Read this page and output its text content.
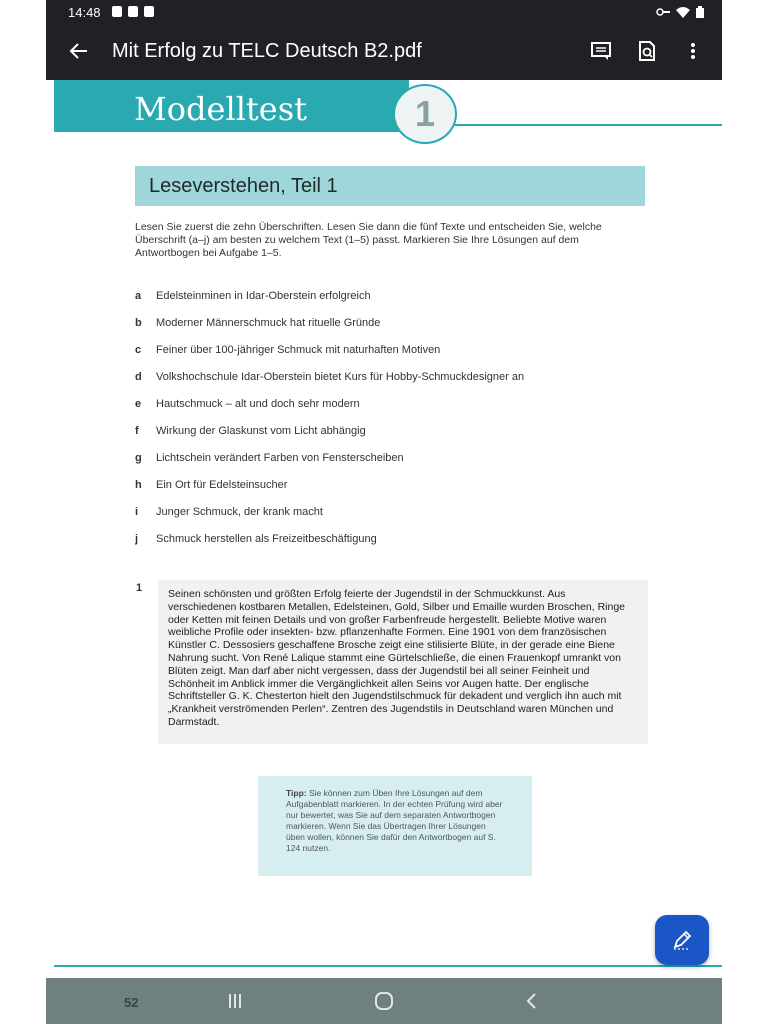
14:48
Mit Erfolg zu TELC Deutsch B2.pdf
Modelltest	1
Leseverstehen, Teil 1
Lesen Sie zuerst die zehn Überschriften. Lesen Sie dann die fünf Texte und entscheiden Sie, welche Überschrift (a–j) am besten zu welchem Text (1–5) passt. Markieren Sie Ihre Lösungen auf dem Antwortbogen bei Aufgabe 1–5.
a	Edelsteinminen in Idar-Oberstein erfolgreich
b	Moderner Männerschmuck hat rituelle Gründe
c	Feiner über 100-jähriger Schmuck mit naturhaften Motiven
d	Volkshochschule Idar-Oberstein bietet Kurs für Hobby-Schmuckdesigner an
e	Hautschmuck – alt und doch sehr modern
f	Wirkung der Glaskunst vom Licht abhängig
g	Lichtschein verändert Farben von Fensterscheiben
h	Ein Ort für Edelsteinsucher
i	Junger Schmuck, der krank macht
j	Schmuck herstellen als Freizeitbeschäftigung
1 Seinen schönsten und größten Erfolg feierte der Jugendstil in der Schmuckkunst. Aus verschiedenen kostbaren Metallen, Edelsteinen, Gold, Silber und Emaille wurden Broschen, Ringe oder Ketten mit feinen Details und von großer Farbenfreude hergestellt. Beliebte Motive waren weibliche Profile oder insekten- bzw. pflanzenhafte Formen. Eine 1901 von dem französischen Künstler C. Dessosiers geschaffene Brosche zeigt eine stilisierte Blüte, in der gerade eine Biene Nahrung sucht. Von René Lalique stammt eine Gürtelschließe, die einen Frauenkopf umrankt von Blüten zeigt. Man darf aber nicht vergessen, dass der Jugendstil bei all seiner Feinheit und Schönheit im Anblick immer die Vergänglichkeit allen Seins vor Augen hatte. Der englische Schriftsteller G. K. Chesterton hielt den Jugendstilschmuck für dekadent und verglich ihn auch mit „Krankheit verströmenden Perlen“. Zentren des Jugendstils in Deutschland waren München und Darmstadt.

Tipp: Sie können zum Üben Ihre Lösungen auf dem Aufgabenblatt markieren. In der echten Prüfung wird aber nur bewertet, was Sie auf dem separaten Antwortbogen markieren. Wenn Sie das Übertragen Ihrer Lösungen üben wollen, können Sie dafür den Antwortbogen auf S. 124 nutzen.

52
